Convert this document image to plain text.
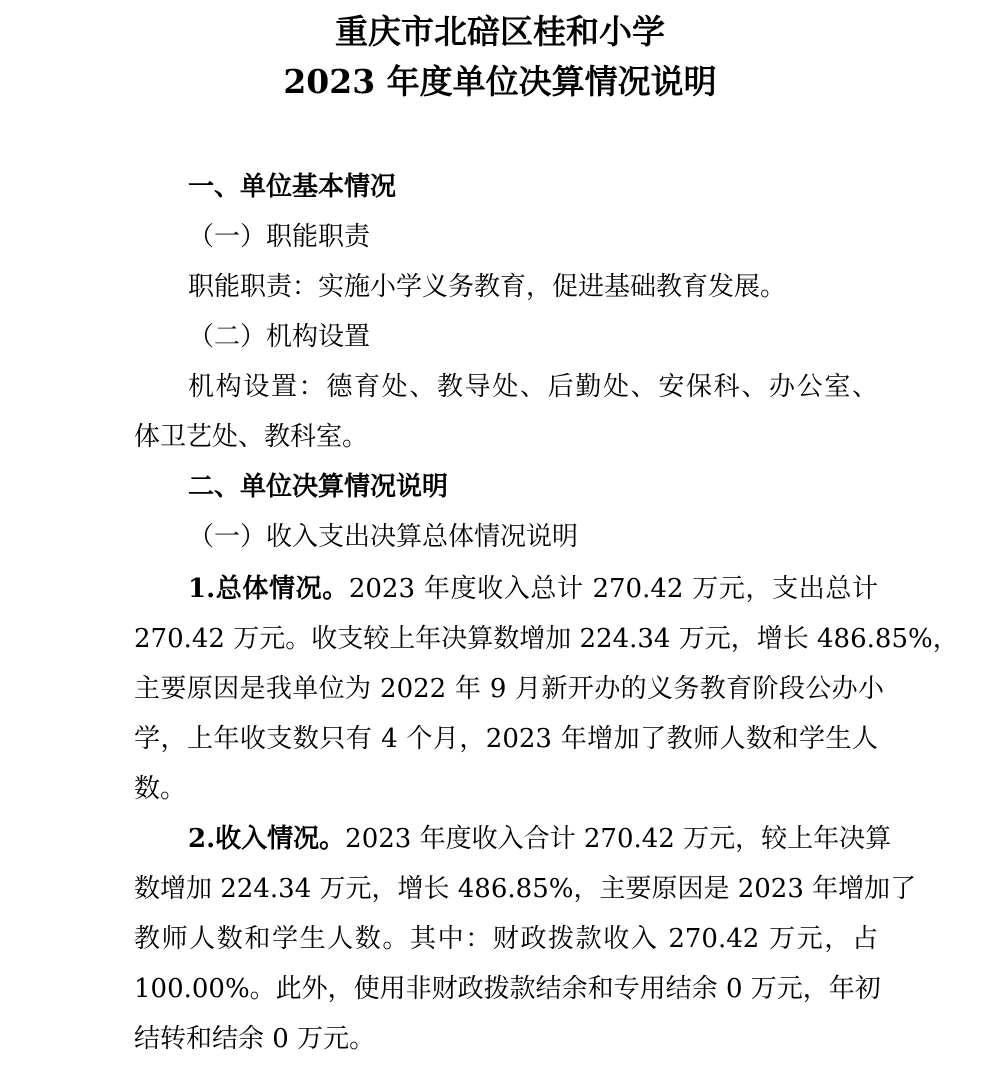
重庆市北碚区桂和小学
2023 年度单位决算情况说明
一、单位基本情况
（一）职能职责
职能职责：实施小学义务教育，促进基础教育发展。
（二）机构设置
机构设置：德育处、教导处、后勤处、安保科、办公室、
体卫艺处、教科室。
二、单位决算情况说明
（一）收入支出决算总体情况说明
1.总体情况。2023 年度收入总计 270.42 万元，支出总计
270.42 万元。收支较上年决算数增加 224.34 万元，增长 486.85%，
主要原因是我单位为 2022 年 9 月新开办的义务教育阶段公办小
学，上年收支数只有 4 个月，2023 年增加了教师人数和学生人
数。
2.收入情况。2023 年度收入合计 270.42 万元，较上年决算
数增加 224.34 万元，增长 486.85%，主要原因是 2023 年增加了
教师人数和学生人数。其中：财政拨款收入 270.42 万元，占
100.00%。此外，使用非财政拨款结余和专用结余 0 万元，年初
结转和结余 0 万元。
